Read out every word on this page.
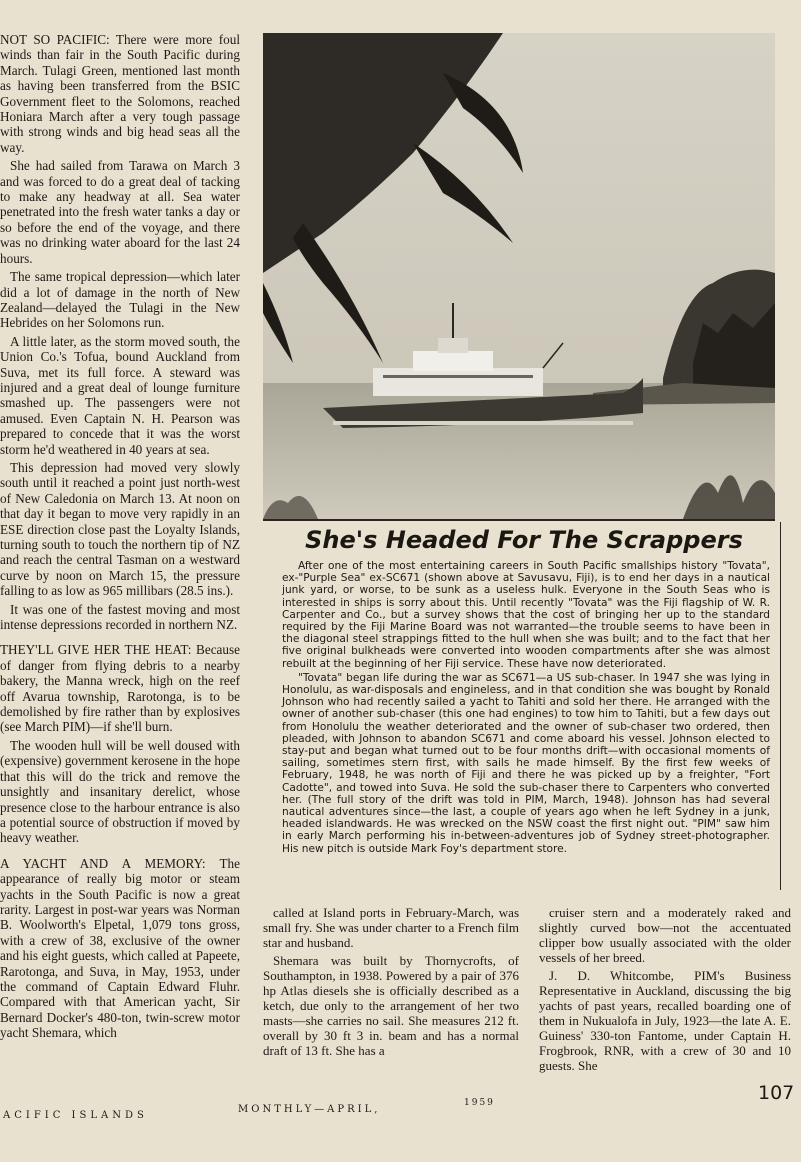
NOT SO PACIFIC: There were more foul winds than fair in the South Pacific during March. Tulagi Green, mentioned last month as having been transferred from the BSIC Government fleet to the Solomons, reached Honiara March after a very tough passage with strong winds and big head seas all the way.

She had sailed from Tarawa on March 3 and was forced to do a great deal of tacking to make any headway at all. Sea water penetrated into the fresh water tanks a day or so before the end of the voyage, and there was no drinking water aboard for the last 24 hours.

The same tropical depression—which later did a lot of damage in the north of New Zealand—delayed the Tulagi in the New Hebrides on her Solomons run.

A little later, as the storm moved south, the Union Co.'s Tofua, bound Auckland from Suva, met its full force. A steward was injured and a great deal of lounge furniture smashed up. The passengers were not amused. Even Captain N. H. Pearson was prepared to concede that it was the worst storm he'd weathered in 40 years at sea.

This depression had moved very slowly south until it reached a point just north-west of New Caledonia on March 13. At noon on that day it began to move very rapidly in an ESE direction close past the Loyalty Islands, turning south to touch the northern tip of NZ and reach the central Tasman on a westward curve by noon on March 15, the pressure falling to as low as 965 millibars (28.5 ins.).

It was one of the fastest moving and most intense depressions recorded in northern NZ.

THEY'LL GIVE HER THE HEAT: Because of danger from flying debris to a nearby bakery, the Manna wreck, high on the reef off Avarua township, Rarotonga, is to be demolished by fire rather than by explosives (see March PIM)—if she'll burn.

The wooden hull will be well doused with (expensive) government kerosene in the hope that this will do the trick and remove the unsightly and insanitary derelict, whose presence close to the harbour entrance is also a potential source of obstruction if moved by heavy weather.

A YACHT AND A MEMORY: The appearance of really big motor or steam yachts in the South Pacific is now a great rarity. Largest in post-war years was Norman B. Woolworth's Elpetal, 1,079 tons gross, with a crew of 38, exclusive of the owner and his eight guests, which called at Papeete, Rarotonga, and Suva, in May, 1953, under the command of Captain Edward Fluhr. Compared with that American yacht, Sir Bernard Docker's 480-ton, twin-screw motor yacht Shemara, which

She's Headed For The Scrappers

After one of the most entertaining careers in South Pacific smallships history "Tovata", ex-"Purple Sea" ex-SC671 (shown above at Savusavu, Fiji), is to end her days in a nautical junk yard, or worse, to be sunk as a useless hulk. Everyone in the South Seas who is interested in ships is sorry about this. Until recently "Tovata" was the Fiji flagship of W. R. Carpenter and Co., but a survey shows that the cost of bringing her up to the standard required by the Fiji Marine Board was not warranted—the trouble seems to have been in the diagonal steel strappings fitted to the hull when she was built; and to the fact that her five original bulkheads were converted into wooden compartments after she was almost rebuilt at the beginning of her Fiji service. These have now deteriorated.

"Tovata" began life during the war as SC671—a US sub-chaser. In 1947 she was lying in Honolulu, as war-disposals and engineless, and in that condition she was bought by Ronald Johnson who had recently sailed a yacht to Tahiti and sold her there. He arranged with the owner of another sub-chaser (this one had engines) to tow him to Tahiti, but a few days out from Honolulu the weather deteriorated and the owner of sub-chaser two ordered, then pleaded, with Johnson to abandon SC671 and come aboard his vessel. Johnson elected to stay-put and began what turned out to be four months drift—with occasional moments of sailing, sometimes stern first, with sails he made himself. By the first few weeks of February, 1948, he was north of Fiji and there he was picked up by a freighter, "Fort Cadotte", and towed into Suva. He sold the sub-chaser there to Carpenters who converted her. (The full story of the drift was told in PIM, March, 1948). Johnson has had several nautical adventures since—the last, a couple of years ago when he left Sydney in a junk, headed islandwards. He was wrecked on the NSW coast the first night out. "PIM" saw him in early March performing his in-between-adventures job of Sydney street-photographer. His new pitch is outside Mark Foy's department store.

called at Island ports in February-March, was small fry. She was under charter to a French film star and husband.

Shemara was built by Thornycrofts, of Southampton, in 1938. Powered by a pair of 376 hp Atlas diesels she is officially described as a ketch, due only to the arrangement of her two masts—she carries no sail. She measures 212 ft. overall by 30 ft 3 in. beam and has a normal draft of 13 ft. She has a

cruiser stern and a moderately raked and slightly curved bow—not the accentuated clipper bow usually associated with the older vessels of her breed.

J. D. Whitcombe, PIM's Business Representative in Auckland, discussing the big yachts of past years, recalled boarding one of them in Nukualofa in July, 1923—the late A. E. Guiness' 330-ton Fantome, under Captain H. Frogbrook, RNR, with a crew of 30 and 10 guests. She

ACIFIC ISLANDS
MONTHLY—APRIL,
1959	107
